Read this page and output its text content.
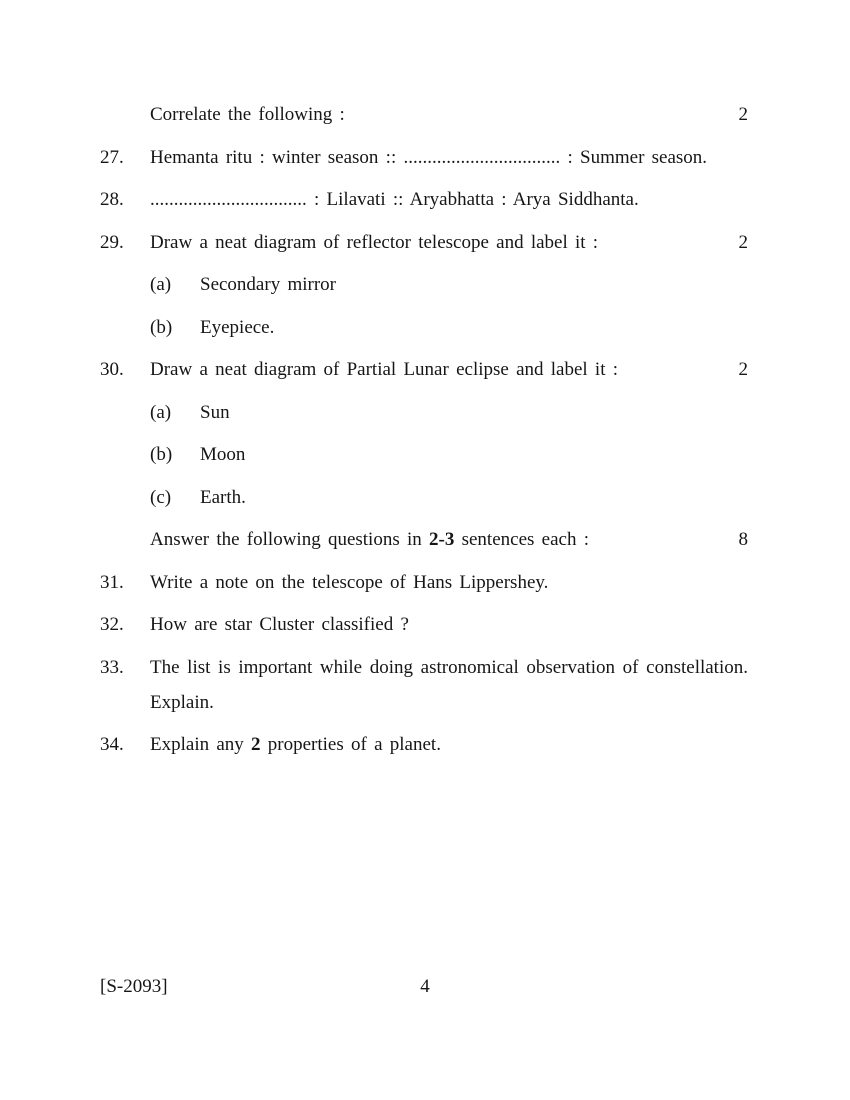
Correlate the following :	2
27.	Hemanta ritu : winter season :: ................................. : Summer season.
28.	................................. : Lilavati :: Aryabhatta : Arya Siddhanta.
29.	Draw a neat diagram of reflector telescope and label it :	2
(a)	Secondary mirror
(b)	Eyepiece.
30.	Draw a neat diagram of Partial Lunar eclipse and label it :	2
(a)	Sun
(b)	Moon
(c)	Earth.
Answer the following questions in 2-3 sentences each :	8
31.	Write a note on the telescope of Hans Lippershey.
32.	How are star Cluster classified ?
33.	The list is important while doing astronomical observation of constellation.
Explain.
34.	Explain any 2 properties of a planet.
[S-2093]	4
